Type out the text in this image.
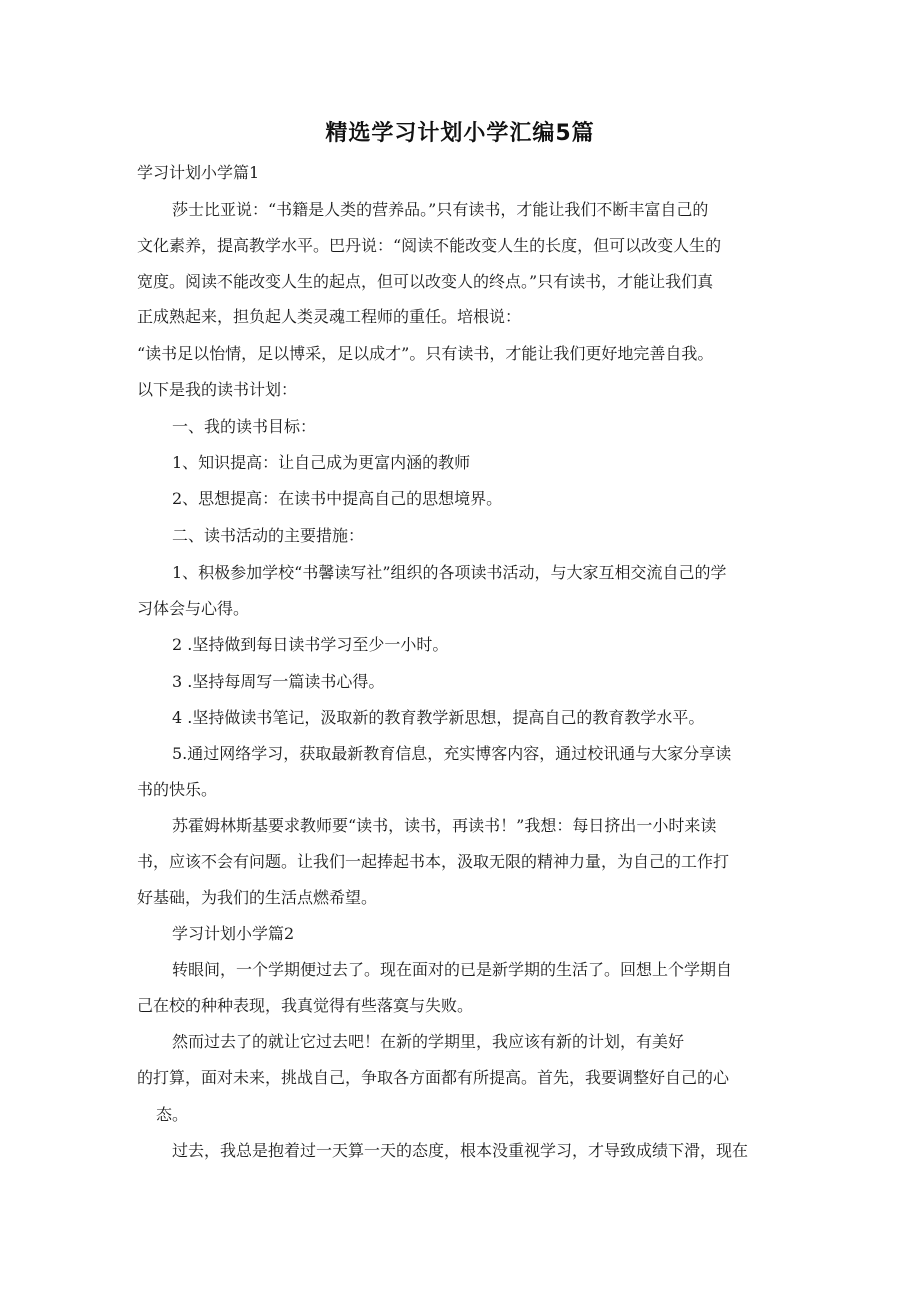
精选学习计划小学汇编5篇
学习计划小学篇1
莎士比亚说：“书籍是人类的营养品。”只有读书，才能让我们不断丰富自己的
文化素养，提高教学水平。巴丹说：“阅读不能改变人生的长度，但可以改变人生的
宽度。阅读不能改变人生的起点，但可以改变人的终点。”只有读书，才能让我们真
正成熟起来，担负起人类灵魂工程师的重任。培根说：
“读书足以怡情，足以博采，足以成才”。只有读书，才能让我们更好地完善自我。
以下是我的读书计划：
一、我的读书目标：
1、知识提高：让自己成为更富内涵的教师
2、思想提高：在读书中提高自己的思想境界。
二、读书活动的主要措施：
1、积极参加学校“书馨读写社”组织的各项读书活动，与大家互相交流自己的学
习体会与心得。
2 .坚持做到每日读书学习至少一小时。
3 .坚持每周写一篇读书心得。
4 .坚持做读书笔记，汲取新的教育教学新思想，提高自己的教育教学水平。
5.通过网络学习，获取最新教育信息，充实博客内容，通过校讯通与大家分享读
书的快乐。
苏霍姆林斯基要求教师要“读书，读书，再读书！”我想：每日挤出一小时来读
书，应该不会有问题。让我们一起捧起书本，汲取无限的精神力量，为自己的工作打
好基础，为我们的生活点燃希望。
学习计划小学篇2
转眼间，一个学期便过去了。现在面对的已是新学期的生活了。回想上个学期自
己在校的种种表现，我真觉得有些落寞与失败。
然而过去了的就让它过去吧！在新的学期里，我应该有新的计划，有美好
的打算，面对未来，挑战自己，争取各方面都有所提高。首先，我要调整好自己的心
态。
过去，我总是抱着过一天算一天的态度，根本没重视学习，才导致成绩下滑，现在
